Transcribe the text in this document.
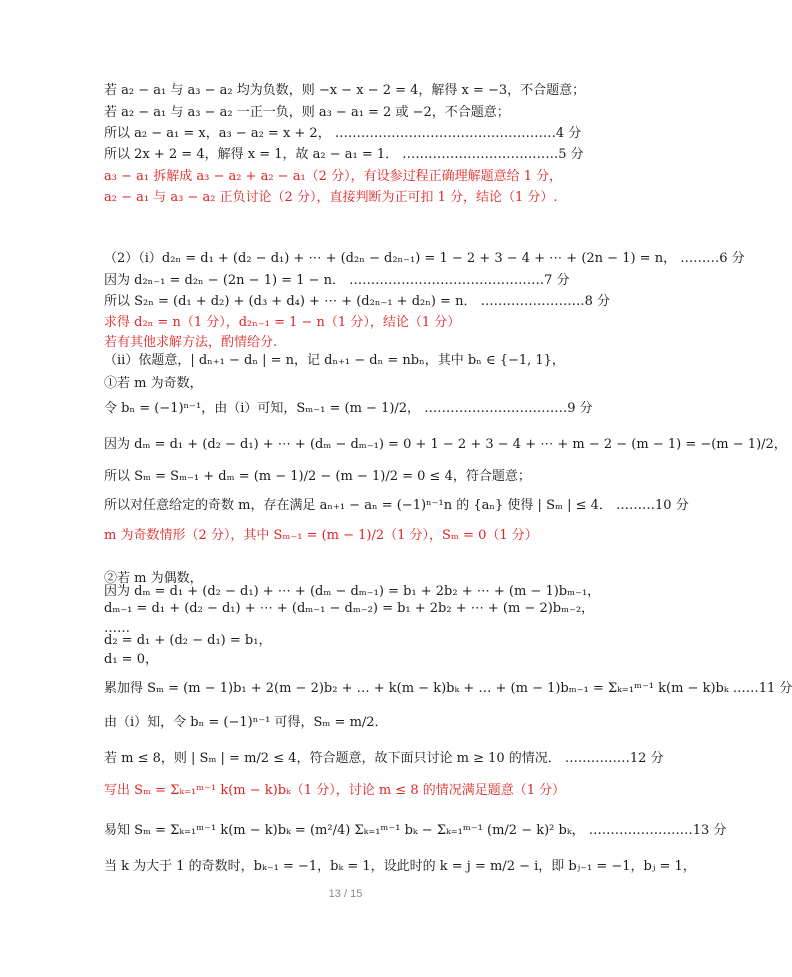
若 a₂ − a₁ 与 a₃ − a₂ 均为负数，则 −x − x − 2 = 4，解得 x = −3，不合题意；
若 a₂ − a₁ 与 a₃ − a₂ 一正一负，则 a₃ − a₁ = 2 或 −2，不合题意；
所以 a₂ − a₁ = x，a₃ − a₂ = x + 2， ……………………………………………4 分
所以 2x + 2 = 4，解得 x = 1，故 a₂ − a₁ = 1． ………………………………5 分
a₃ − a₁ 拆解成 a₃ − a₂ + a₂ − a₁（2 分），有设参过程正确理解题意给 1 分，
a₂ − a₁ 与 a₃ − a₂ 正负讨论（2 分），直接判断为正可扣 1 分，结论（1 分）.
（2）（i）d₂ₙ = d₁ + (d₂ − d₁) + ⋯ + (d₂ₙ − d₂ₙ₋₁) = 1 − 2 + 3 − 4 + ⋯ + (2n − 1) = n， ………6 分
因为 d₂ₙ₋₁ = d₂ₙ − (2n − 1) = 1 − n． ………………………………………7 分
所以 S₂ₙ = (d₁ + d₂) + (d₃ + d₄) + ⋯ + (d₂ₙ₋₁ + d₂ₙ) = n． ……………………8 分
求得 d₂ₙ = n（1 分），d₂ₙ₋₁ = 1 − n（1 分），结论（1 分）
若有其他求解方法，酌情给分.
（ii）依题意，| dₙ₊₁ − dₙ | = n，记 dₙ₊₁ − dₙ = nbₙ，其中 bₙ ∈ {−1, 1}，
①若 m 为奇数，
令 bₙ = (−1)ⁿ⁻¹，由（i）可知，Sₘ₋₁ = (m − 1)/2， ……………………………9 分
因为 dₘ = d₁ + (d₂ − d₁) + ⋯ + (dₘ − dₘ₋₁) = 0 + 1 − 2 + 3 − 4 + ⋯ + m − 2 − (m − 1) = −(m − 1)/2，
所以 Sₘ = Sₘ₋₁ + dₘ = (m − 1)/2 − (m − 1)/2 = 0 ≤ 4，符合题意；
所以对任意给定的奇数 m，存在满足 aₙ₊₁ − aₙ = (−1)ⁿ⁻¹n 的 {aₙ} 使得 | Sₘ | ≤ 4． ………10 分
m 为奇数情形（2 分），其中 Sₘ₋₁ = (m − 1)/2（1 分），Sₘ = 0（1 分）
②若 m 为偶数，
因为 dₘ = d₁ + (d₂ − d₁) + ⋯ + (dₘ − dₘ₋₁) = b₁ + 2b₂ + ⋯ + (m − 1)bₘ₋₁，
dₘ₋₁ = d₁ + (d₂ − d₁) + ⋯ + (dₘ₋₁ − dₘ₋₂) = b₁ + 2b₂ + ⋯ + (m − 2)bₘ₋₂，
……
d₂ = d₁ + (d₂ − d₁) = b₁，
d₁ = 0，
累加得 Sₘ = (m − 1)b₁ + 2(m − 2)b₂ + … + k(m − k)bₖ + … + (m − 1)bₘ₋₁ = Σₖ₌₁ᵐ⁻¹ k(m − k)bₖ ……11 分
由（i）知，令 bₙ = (−1)ⁿ⁻¹ 可得，Sₘ = m/2．
若 m ≤ 8，则 | Sₘ | = m/2 ≤ 4，符合题意，故下面只讨论 m ≥ 10 的情况． ……………12 分
写出 Sₘ = Σₖ₌₁ᵐ⁻¹ k(m − k)bₖ（1 分），讨论 m ≤ 8 的情况满足题意（1 分）
易知 Sₘ = Σₖ₌₁ᵐ⁻¹ k(m − k)bₖ = (m²/4) Σₖ₌₁ᵐ⁻¹ bₖ − Σₖ₌₁ᵐ⁻¹ (m/2 − k)² bₖ， ……………………13 分
当 k 为大于 1 的奇数时，bₖ₋₁ = −1，bₖ = 1，设此时的 k = j = m/2 − i，即 bⱼ₋₁ = −1，bⱼ = 1，
13 / 15
